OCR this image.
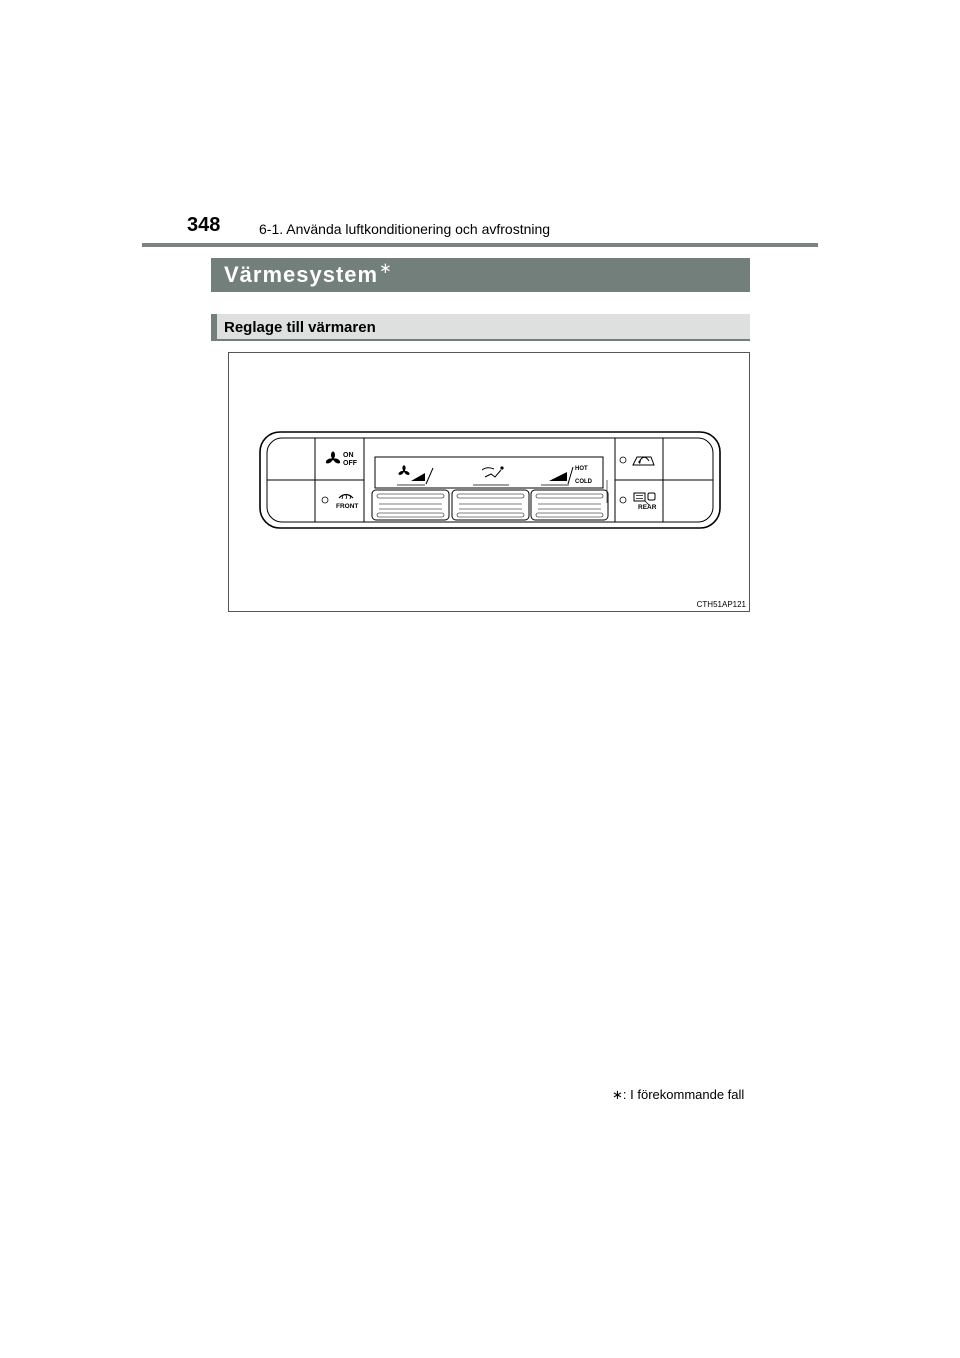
348	6-1. Använda luftkonditionering och avfrostning
Värmesystem∗
Reglage till värmaren
ON
OFF
FRONT
HOT
COLD
REAR
CTH51AP121
∗: I förekommande fall
